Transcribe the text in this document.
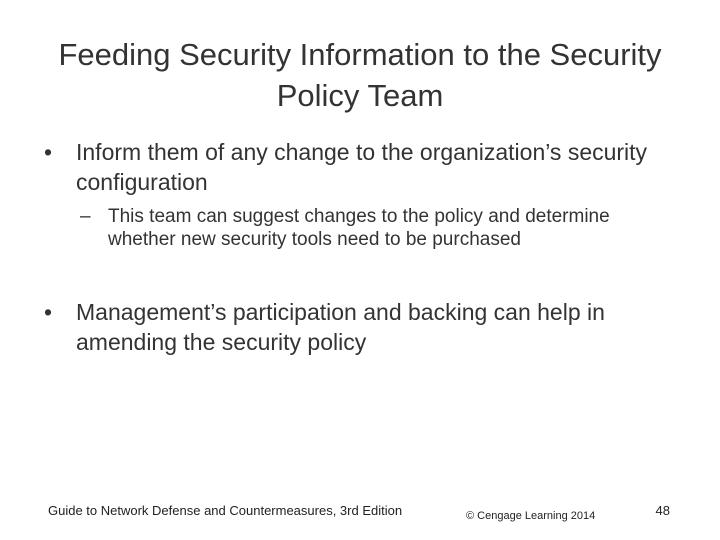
Feeding Security Information to the Security Policy Team
• Inform them of any change to the organization’s security configuration
– This team can suggest changes to the policy and determine whether new security tools need to be purchased
• Management’s participation and backing can help in amending the security policy
Guide to Network Defense and Countermeasures, 3rd Edition	© Cengage Learning 2014	48
